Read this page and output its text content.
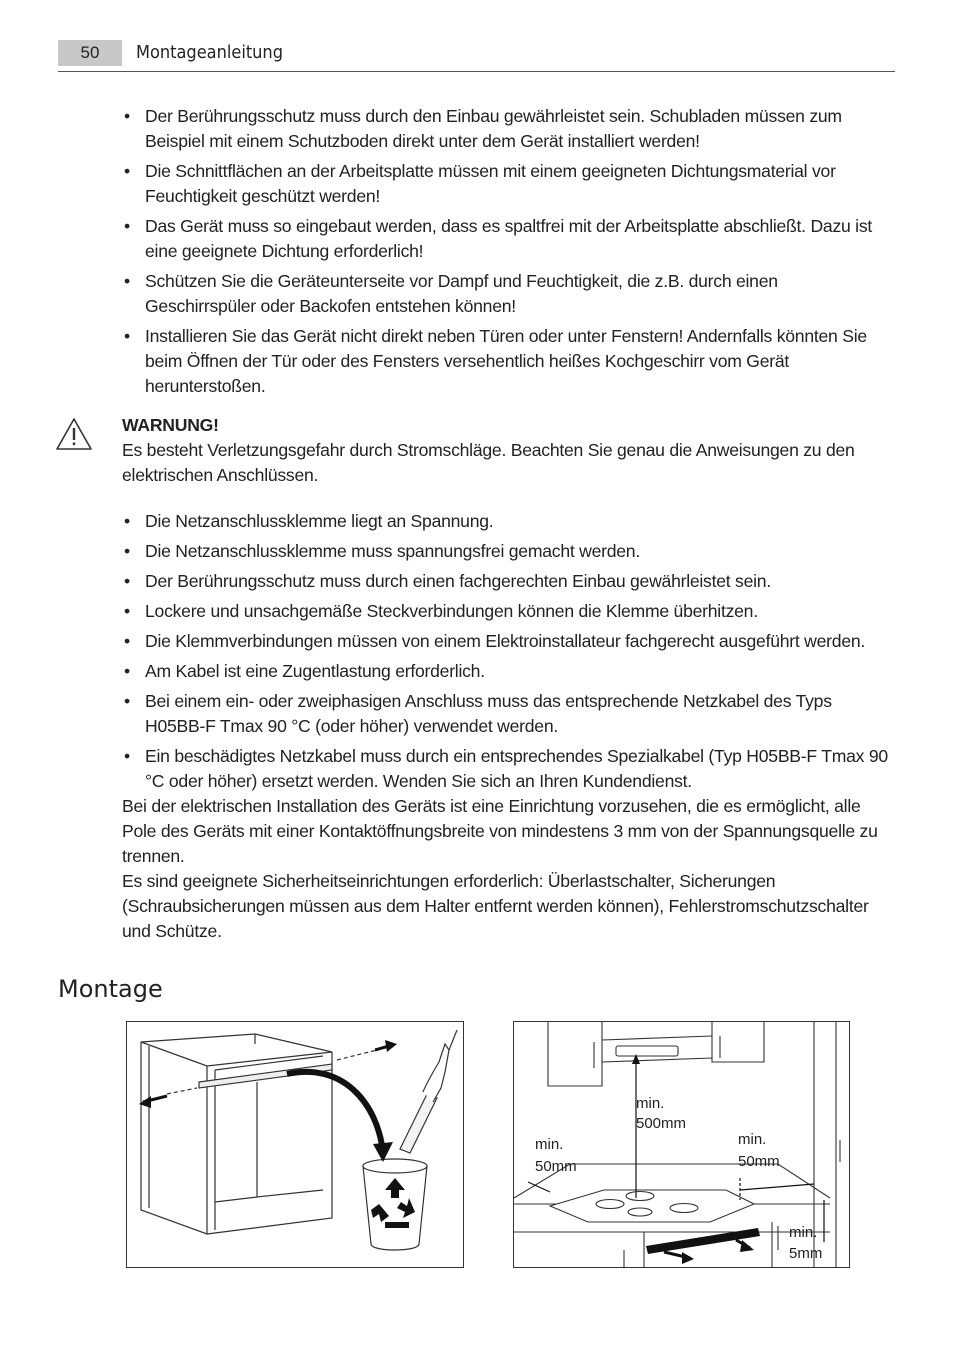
50	Montageanleitung
• Der Berührungsschutz muss durch den Einbau gewährleistet sein. Schubladen müssen zum Beispiel mit einem Schutzboden direkt unter dem Gerät installiert werden!
• Die Schnittflächen an der Arbeitsplatte müssen mit einem geeigneten Dichtungsmaterial vor Feuchtigkeit geschützt werden!
• Das Gerät muss so eingebaut werden, dass es spaltfrei mit der Arbeitsplatte abschließt. Dazu ist eine geeignete Dichtung erforderlich!
• Schützen Sie die Geräteunterseite vor Dampf und Feuchtigkeit, die z.B. durch einen Geschirrspüler oder Backofen entstehen können!
• Installieren Sie das Gerät nicht direkt neben Türen oder unter Fenstern! Andernfalls könnten Sie beim Öffnen der Tür oder des Fensters versehentlich heißes Kochgeschirr vom Gerät herunterstoßen.
WARNUNG!

Es besteht Verletzungsgefahr durch Stromschläge. Beachten Sie genau die Anweisungen zu den elektrischen Anschlüssen.

• Die Netzanschlussklemme liegt an Spannung.
• Die Netzanschlussklemme muss spannungsfrei gemacht werden.
• Der Berührungsschutz muss durch einen fachgerechten Einbau gewährleistet sein.
• Lockere und unsachgemäße Steckverbindungen können die Klemme überhitzen.
• Die Klemmverbindungen müssen von einem Elektroinstallateur fachgerecht ausgeführt werden.
• Am Kabel ist eine Zugentlastung erforderlich.
• Bei einem ein- oder zweiphasigen Anschluss muss das entsprechende Netzkabel des Typs H05BB-F Tmax 90 °C (oder höher) verwendet werden.
• Ein beschädigtes Netzkabel muss durch ein entsprechendes Spezialkabel (Typ H05BB-F Tmax 90 °C oder höher) ersetzt werden. Wenden Sie sich an Ihren Kundendienst.

Bei der elektrischen Installation des Geräts ist eine Einrichtung vorzusehen, die es ermöglicht, alle Pole des Geräts mit einer Kontaktöffnungsbreite von mindestens 3 mm von der Spannungsquelle zu trennen.

Es sind geeignete Sicherheitseinrichtungen erforderlich: Überlastschalter, Sicherungen (Schraubsicherungen müssen aus dem Halter entfernt werden können), Fehlerstromschutzschalter und Schütze.

Montage
min.
500mm
min.
50mm
min.
50mm
min.
5mm
